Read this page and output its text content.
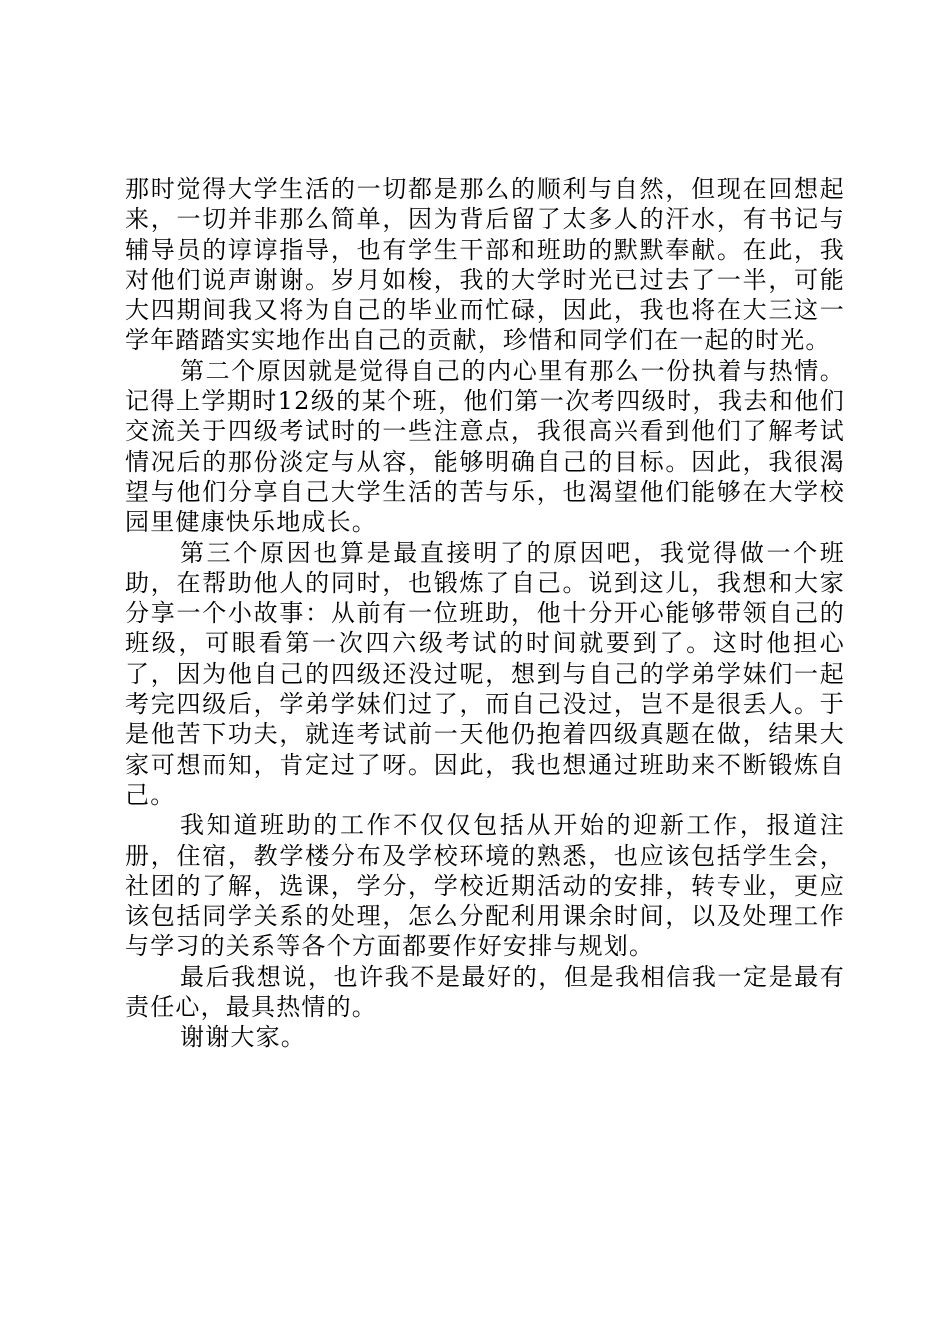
那时觉得大学生活的一切都是那么的顺利与自然，但现在回想起来，一切并非那么简单，因为背后留了太多人的汗水，有书记与辅导员的谆谆指导，也有学生干部和班助的默默奉献。在此，我对他们说声谢谢。岁月如梭，我的大学时光已过去了一半，可能大四期间我又将为自己的毕业而忙碌，因此，我也将在大三这一学年踏踏实实地作出自己的贡献，珍惜和同学们在一起的时光。

第二个原因就是觉得自己的内心里有那么一份执着与热情。记得上学期时12级的某个班，他们第一次考四级时，我去和他们交流关于四级考试时的一些注意点，我很高兴看到他们了解考试情况后的那份淡定与从容，能够明确自己的目标。因此，我很渴望与他们分享自己大学生活的苦与乐，也渴望他们能够在大学校园里健康快乐地成长。

第三个原因也算是最直接明了的原因吧，我觉得做一个班助，在帮助他人的同时，也锻炼了自己。说到这儿，我想和大家分享一个小故事：从前有一位班助，他十分开心能够带领自己的班级，可眼看第一次四六级考试的时间就要到了。这时他担心了，因为他自己的四级还没过呢，想到与自己的学弟学妹们一起考完四级后，学弟学妹们过了，而自己没过，岂不是很丢人。于是他苦下功夫，就连考试前一天他仍抱着四级真题在做，结果大家可想而知，肯定过了呀。因此，我也想通过班助来不断锻炼自己。

我知道班助的工作不仅仅包括从开始的迎新工作，报道注册，住宿，教学楼分布及学校环境的熟悉，也应该包括学生会，社团的了解，选课，学分，学校近期活动的安排，转专业，更应该包括同学关系的处理，怎么分配利用课余时间，以及处理工作与学习的关系等各个方面都要作好安排与规划。

最后我想说，也许我不是最好的，但是我相信我一定是最有责任心，最具热情的。

谢谢大家。
